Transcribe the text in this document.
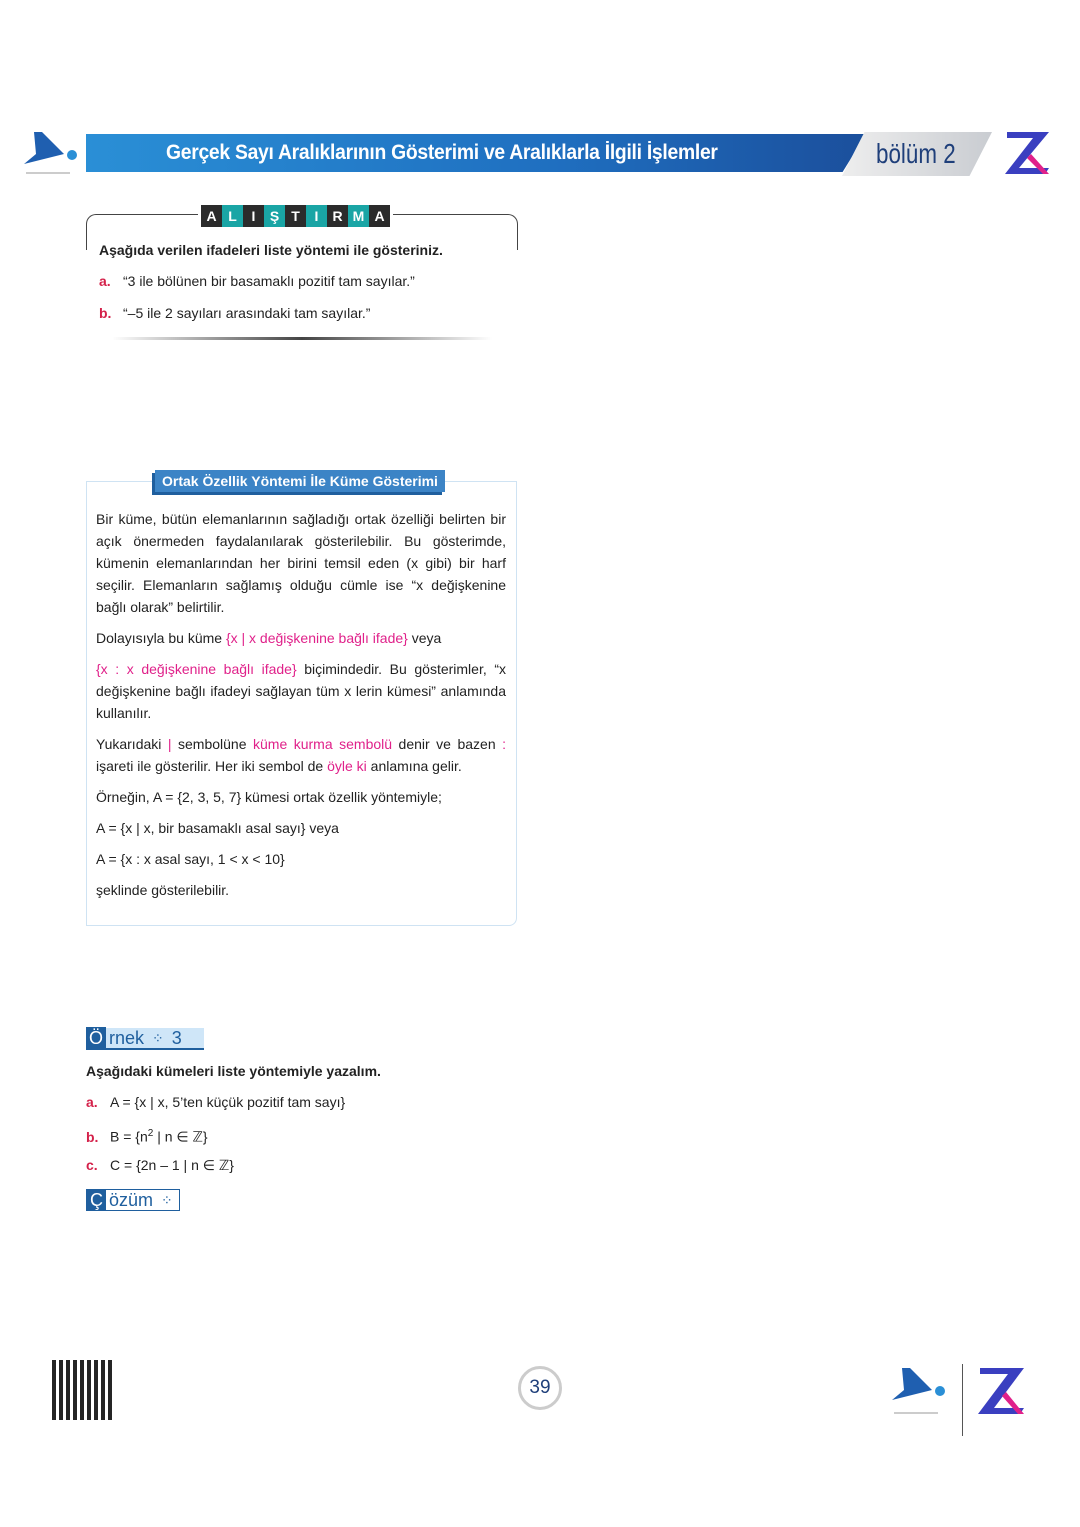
Gerçek Sayı Aralıklarının Gösterimi ve Aralıklarla İlgili İşlemler	bölüm 2
A L	I	Ş T	I	R M A
Aşağıda verilen ifadeleri liste yöntemi ile gösteriniz.
a. “3 ile bölünen bir basamaklı pozitif tam sayılar.”
b. “–5 ile 2 sayıları arasındaki tam sayılar.”
Ortak Özellik Yöntemi İle Küme Gösterimi

Bir küme, bütün elemanlarının sağladığı ortak özelliği belirten bir açık önermeden faydalanılarak gösterilebilir. Bu gösterimde, kümenin elemanlarından her birini temsil eden (x gibi) bir harf seçilir. Elemanların sağlamış olduğu cümle ise “x değişkenine bağlı olarak” belirtilir.

Dolayısıyla bu küme {x | x değişkenine bağlı ifade} veya

{x : x değişkenine bağlı ifade} biçimindedir. Bu gösterimler, “x değişkenine bağlı ifadeyi sağlayan tüm x lerin kümesi” anlamında kullanılır.

Yukarıdaki | sembolüne küme kurma sembolü denir ve bazen : işareti ile gösterilir. Her iki sembol de öyle ki anlamına gelir.

Örneğin, A = {2, 3, 5, 7} kümesi ortak özellik yöntemiyle;

A = {x | x, bir basamaklı asal sayı} veya

A = {x : x asal sayı, 1 < x < 10}

şeklinde gösterilebilir.

Ö rnek ⁘ 3
Aşağıdaki kümeleri liste yöntemiyle yazalım.
a. A = {x | x, 5’ten küçük pozitif tam sayı}
b. $B = \{n^2$ | n ∈ ℤ}
c. C = {2n – 1 | n ∈ ℤ}
Ç özüm ⁘
39
